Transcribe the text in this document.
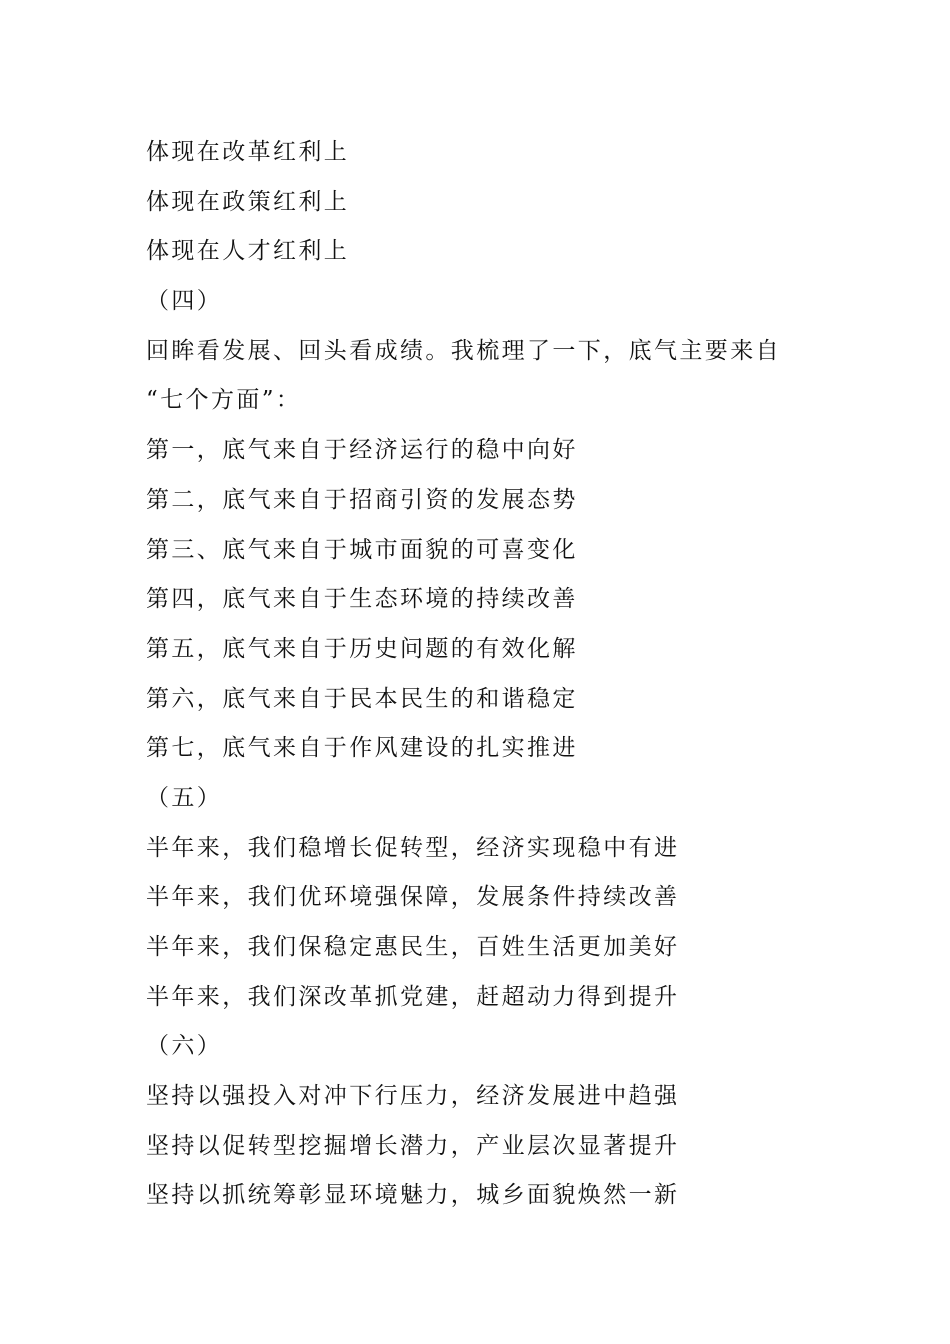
体现在改革红利上
体现在政策红利上
体现在人才红利上
（四）
回眸看发展、回头看成绩。我梳理了一下，底气主要来自
“七个方面”：
第一，底气来自于经济运行的稳中向好
第二，底气来自于招商引资的发展态势
第三、底气来自于城市面貌的可喜变化
第四，底气来自于生态环境的持续改善
第五，底气来自于历史问题的有效化解
第六，底气来自于民本民生的和谐稳定
第七，底气来自于作风建设的扎实推进
（五）
半年来，我们稳增长促转型，经济实现稳中有进
半年来，我们优环境强保障，发展条件持续改善
半年来，我们保稳定惠民生，百姓生活更加美好
半年来，我们深改革抓党建，赶超动力得到提升
（六）
坚持以强投入对冲下行压力，经济发展进中趋强
坚持以促转型挖掘增长潜力，产业层次显著提升
坚持以抓统筹彰显环境魅力，城乡面貌焕然一新
